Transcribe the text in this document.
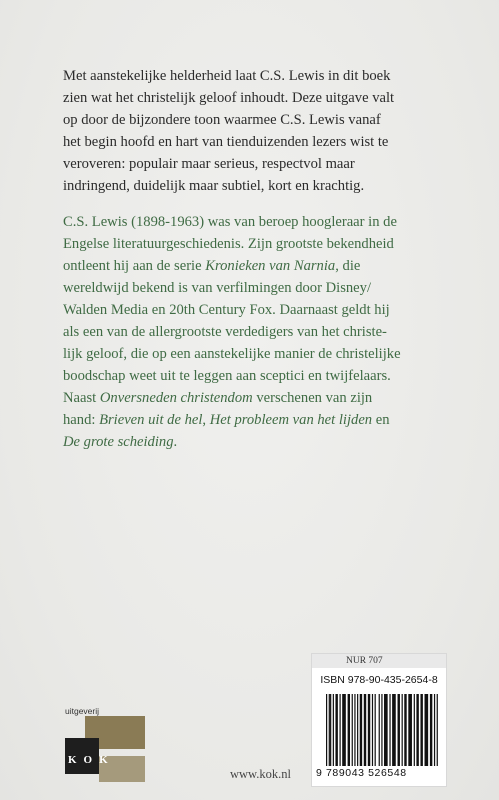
Met aanstekelijke helderheid laat C.S. Lewis in dit boek
zien wat het christelijk geloof inhoudt. Deze uitgave valt
op door de bijzondere toon waarmee C.S. Lewis vanaf
het begin hoofd en hart van tienduizenden lezers wist te
veroveren: populair maar serieus, respectvol maar
indringend, duidelijk maar subtiel, kort en krachtig.
C.S. Lewis (1898-1963) was van beroep hoogleraar in de
Engelse literatuurgeschiedenis. Zijn grootste bekendheid
ontleent hij aan de serie Kronieken van Narnia, die
wereldwijd bekend is van verfilmingen door Disney/
Walden Media en 20th Century Fox. Daarnaast geldt hij
als een van de allergrootste verdedigers van het christe-
lijk geloof, die op een aanstekelijke manier de christelijke
boodschap weet uit te leggen aan sceptici en twijfelaars.
Naast Onversneden christendom verschenen van zijn
hand: Brieven uit de hel, Het probleem van het lijden en
De grote scheiding.
NUR 707
ISBN 978-90-435-2654-8
9 789043 526548
uitgeverij
KOK
www.kok.nl
